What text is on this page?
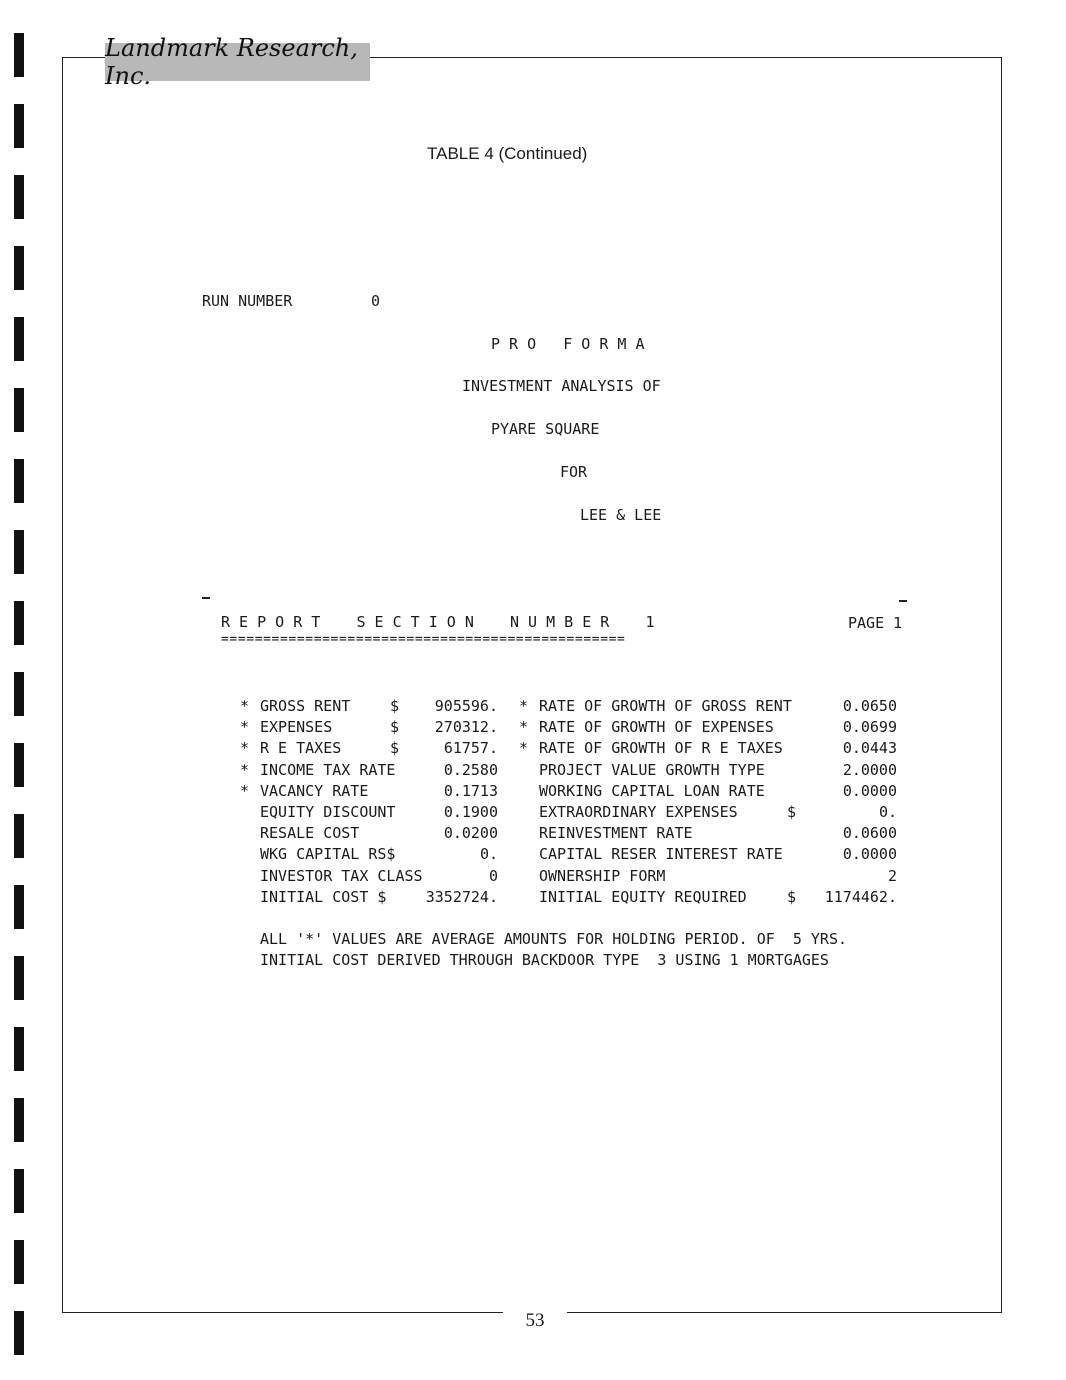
Landmark Research, Inc.
TABLE 4 (Continued)
RUN NUMBER	0
P R O   F O R M A
INVESTMENT ANALYSIS OF
PYARE SQUARE
FOR
LEE & LEE
R E P O R T    S E C T I O N    N U M B E R    1	PAGE 1
================================================
* GROSS RENT	$ 905596. * RATE OF GROWTH OF GROSS RENT	0.0650
* EXPENSES	$ 270312. * RATE OF GROWTH OF EXPENSES	0.0699
* R E TAXES	$	61757. * RATE OF GROWTH OF R E TAXES	0.0443
* INCOME TAX RATE	0.2580	PROJECT VALUE GROWTH TYPE	2.0000
* VACANCY RATE	0.1713	WORKING CAPITAL LOAN RATE	0.0000
EQUITY DISCOUNT	0.1900	EXTRAORDINARY EXPENSES	$	0.
RESALE COST	0.0200	REINVESTMENT RATE	0.0600
WKG CAPITAL RS$	0.	CAPITAL RESER INTEREST RATE	0.0000
INVESTOR TAX CLASS	0	OWNERSHIP FORM	2
INITIAL COST $	3352724.	INITIAL EQUITY REQUIRED	$ 1174462.
ALL '*' VALUES ARE AVERAGE AMOUNTS FOR HOLDING PERIOD. OF  5 YRS.
INITIAL COST DERIVED THROUGH BACKDOOR TYPE  3 USING 1 MORTGAGES
53
